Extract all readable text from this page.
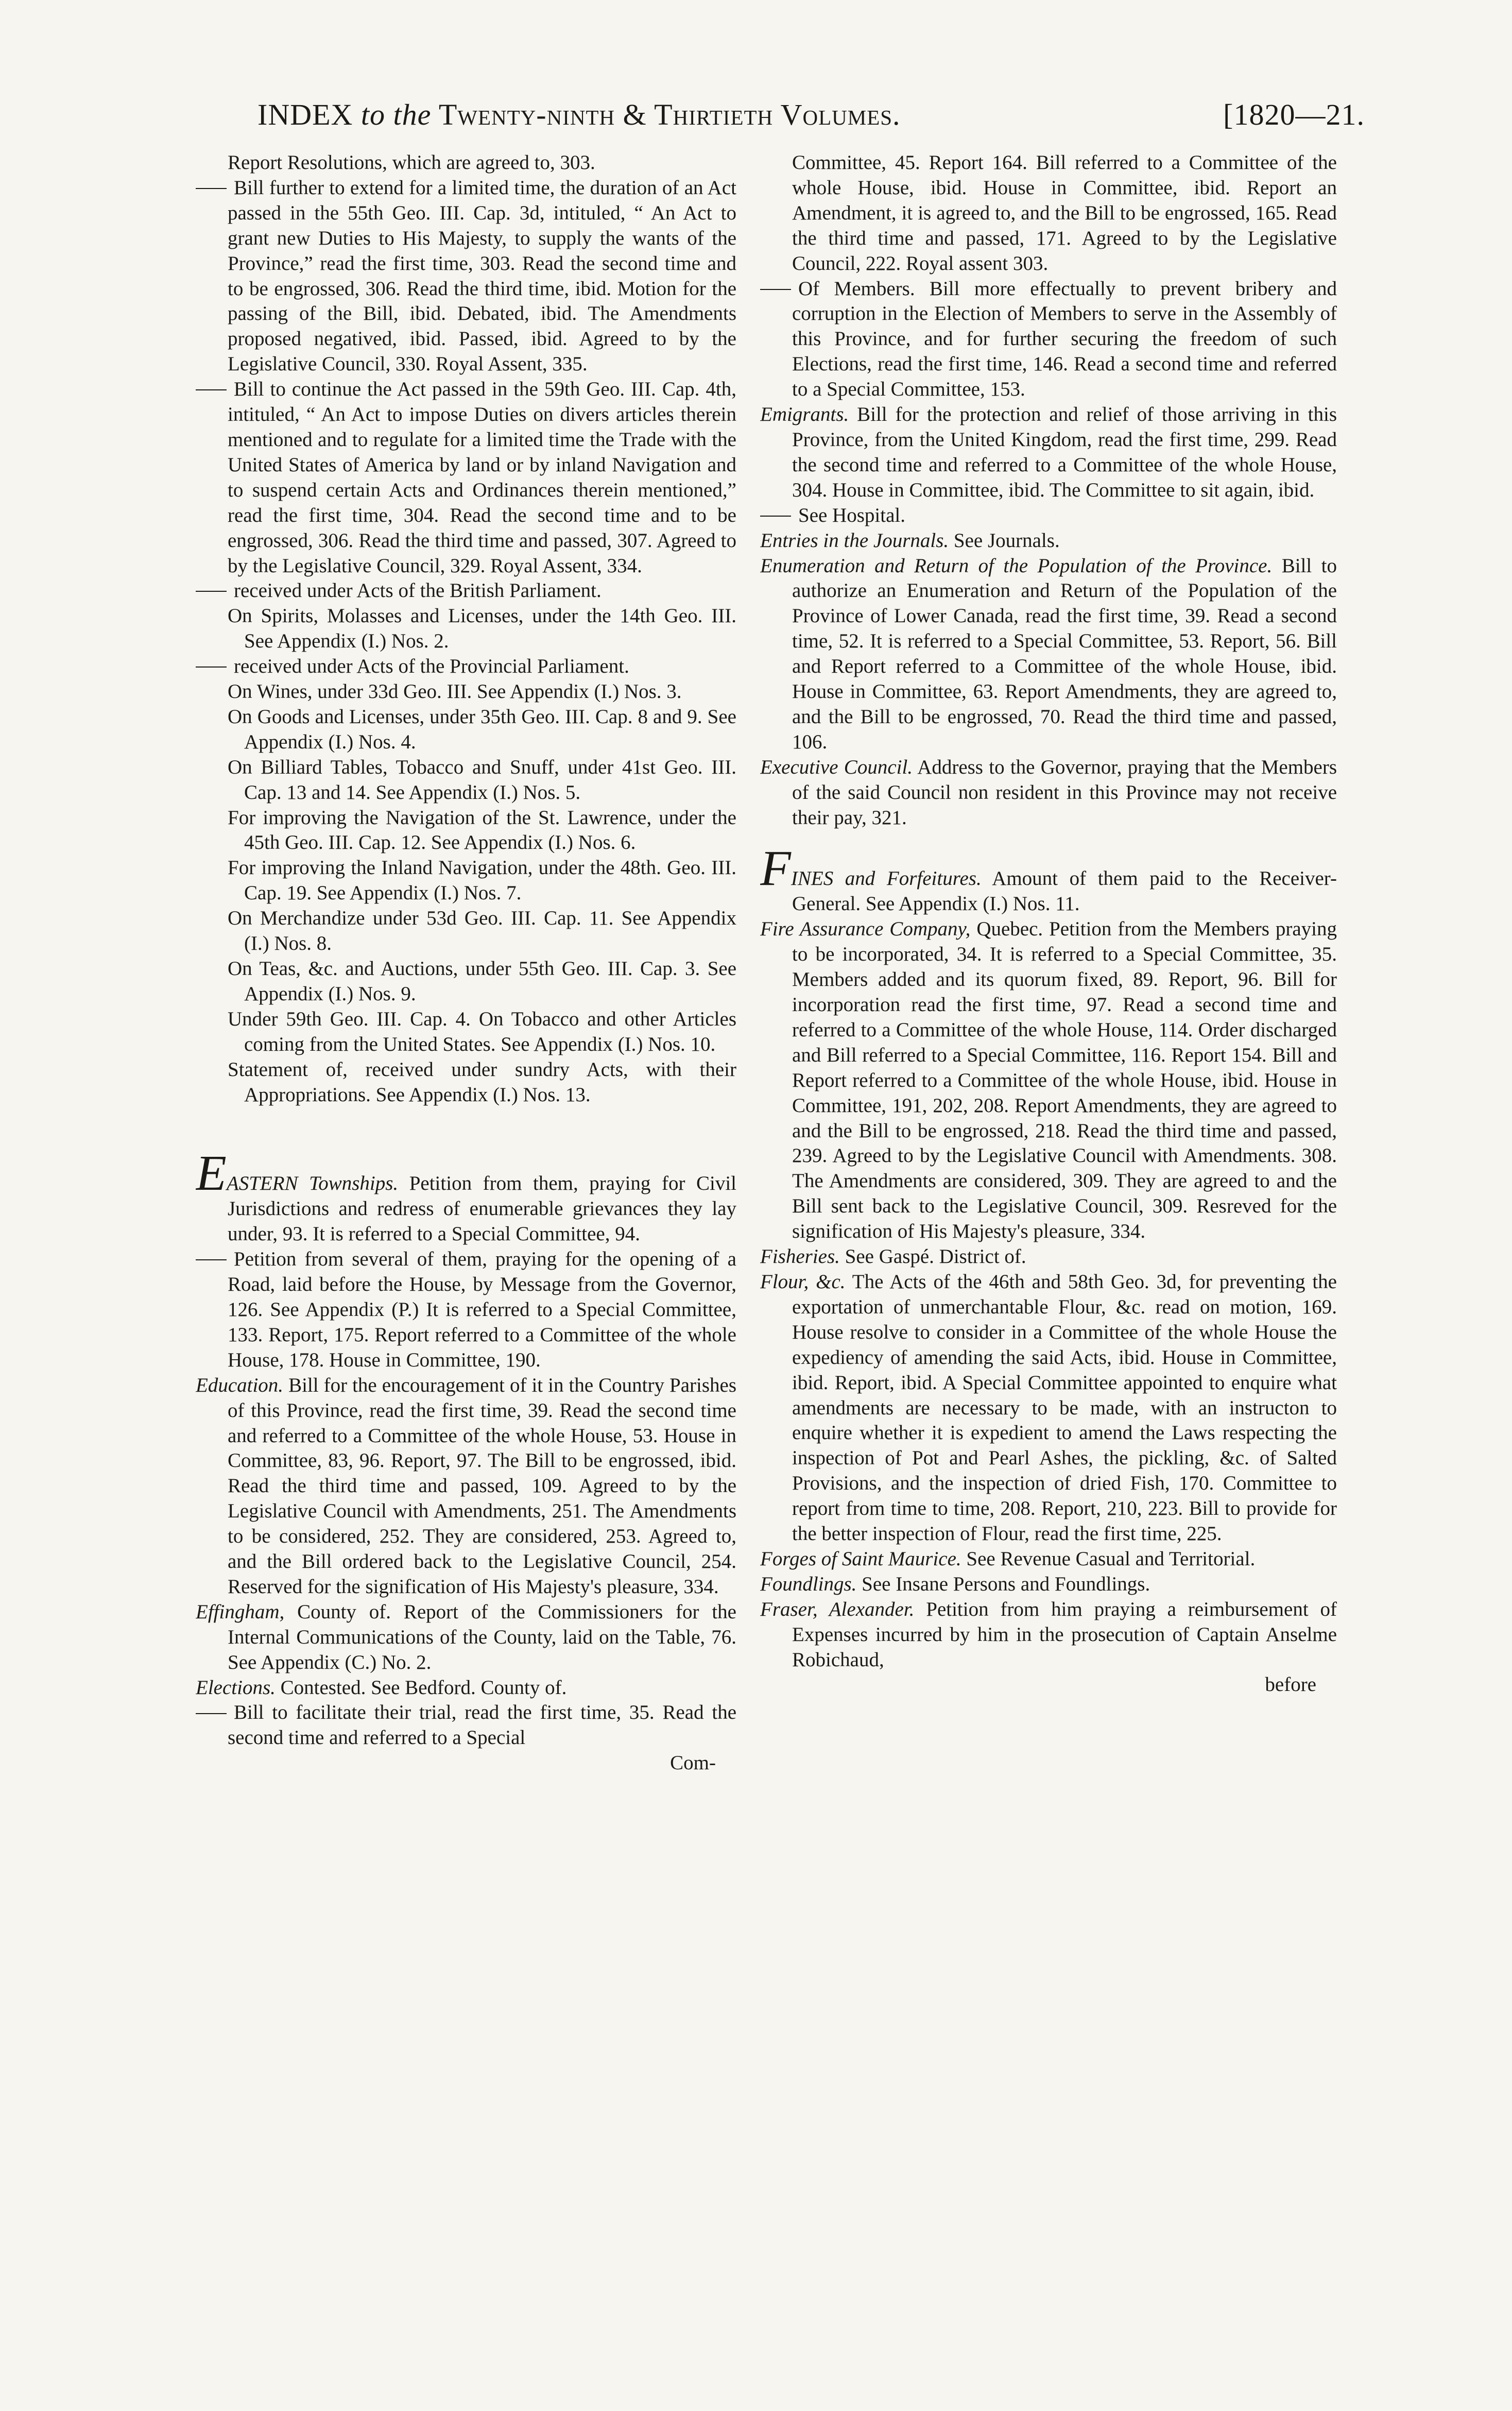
INDEX to the Twenty-ninth & Thirtieth Volumes.	[1820—21.

Report Resolutions, which are agreed to, 303.

Bill further to extend for a limited time, the duration of an Act passed in the 55th Geo. III. Cap. 3d, intituled, “ An Act to grant new Duties to His Majesty, to supply the wants of the Province,” read the first time, 303. Read the second time and to be engrossed, 306. Read the third time, ibid. Motion for the passing of the Bill, ibid. Debated, ibid. The Amendments proposed negatived, ibid. Passed, ibid. Agreed to by the Legislative Council, 330. Royal Assent, 335.

Bill to continue the Act passed in the 59th Geo. III. Cap. 4th, intituled, “ An Act to impose Duties on divers articles therein mentioned and to regulate for a limited time the Trade with the United States of America by land or by inland Navigation and to suspend certain Acts and Ordinances therein mentioned,” read the first time, 304. Read the second time and to be engrossed, 306. Read the third time and passed, 307. Agreed to by the Legislative Council, 329. Royal Assent, 334.

received under Acts of the British Parliament.

On Spirits, Molasses and Licenses, under the 14th Geo. III. See Appendix (I.) Nos. 2.

received under Acts of the Provincial Parliament.

On Wines, under 33d Geo. III. See Appendix (I.) Nos. 3.

On Goods and Licenses, under 35th Geo. III. Cap. 8 and 9. See Appendix (I.) Nos. 4.

On Billiard Tables, Tobacco and Snuff, under 41st Geo. III. Cap. 13 and 14. See Appendix (I.) Nos. 5.

For improving the Navigation of the St. Lawrence, under the 45th Geo. III. Cap. 12. See Appendix (I.) Nos. 6.

For improving the Inland Navigation, under the 48th. Geo. III. Cap. 19. See Appendix (I.) Nos. 7.

On Merchandize under 53d Geo. III. Cap. 11. See Appendix (I.) Nos. 8.

On Teas, &c. and Auctions, under 55th Geo. III. Cap. 3. See Appendix (I.) Nos. 9.

Under 59th Geo. III. Cap. 4. On Tobacco and other Articles coming from the United States. See Appendix (I.) Nos. 10.

Statement of, received under sundry Acts, with their Appropriations. See Appendix (I.) Nos. 13.

EASTERN Townships. Petition from them, praying for Civil Jurisdictions and redress of enumerable grievances they lay under, 93. It is referred to a Special Committee, 94.

Petition from several of them, praying for the opening of a Road, laid before the House, by Message from the Governor, 126. See Appendix (P.) It is referred to a Special Committee, 133. Report, 175. Report referred to a Committee of the whole House, 178. House in Committee, 190.

Education. Bill for the encouragement of it in the Country Parishes of this Province, read the first time, 39. Read the second time and referred to a Committee of the whole House, 53. House in Committee, 83, 96. Report, 97. The Bill to be engrossed, ibid. Read the third time and passed, 109. Agreed to by the Legislative Council with Amendments, 251. The Amendments to be considered, 252. They are considered, 253. Agreed to, and the Bill ordered back to the Legislative Council, 254. Reserved for the signification of His Majesty's pleasure, 334.

Effingham, County of. Report of the Commissioners for the Internal Communications of the County, laid on the Table, 76. See Appendix (C.) No. 2.

Elections. Contested. See Bedford. County of.

Bill to facilitate their trial, read the first time, 35. Read the second time and referred to a Special

Com-

Committee, 45. Report 164. Bill referred to a Committee of the whole House, ibid. House in Committee, ibid. Report an Amendment, it is agreed to, and the Bill to be engrossed, 165. Read the third time and passed, 171. Agreed to by the Legislative Council, 222. Royal assent 303.

Of Members. Bill more effectually to prevent bribery and corruption in the Election of Members to serve in the Assembly of this Province, and for further securing the freedom of such Elections, read the first time, 146. Read a second time and referred to a Special Committee, 153.

Emigrants. Bill for the protection and relief of those arriving in this Province, from the United Kingdom, read the first time, 299. Read the second time and referred to a Committee of the whole House, 304. House in Committee, ibid. The Committee to sit again, ibid.

See Hospital.

Entries in the Journals. See Journals.

Enumeration and Return of the Population of the Province. Bill to authorize an Enumeration and Return of the Population of the Province of Lower Canada, read the first time, 39. Read a second time, 52. It is referred to a Special Committee, 53. Report, 56. Bill and Report referred to a Committee of the whole House, ibid. House in Committee, 63. Report Amendments, they are agreed to, and the Bill to be engrossed, 70. Read the third time and passed, 106.

Executive Council. Address to the Governor, praying that the Members of the said Council non resident in this Province may not receive their pay, 321.

FINES and Forfeitures. Amount of them paid to the Receiver-General. See Appendix (I.) Nos. 11.

Fire Assurance Company, Quebec. Petition from the Members praying to be incorporated, 34. It is referred to a Special Committee, 35. Members added and its quorum fixed, 89. Report, 96. Bill for incorporation read the first time, 97. Read a second time and referred to a Committee of the whole House, 114. Order discharged and Bill referred to a Special Committee, 116. Report 154. Bill and Report referred to a Committee of the whole House, ibid. House in Committee, 191, 202, 208. Report Amendments, they are agreed to and the Bill to be engrossed, 218. Read the third time and passed, 239. Agreed to by the Legislative Council with Amendments. 308. The Amendments are considered, 309. They are agreed to and the Bill sent back to the Legislative Council, 309. Resreved for the signification of His Majesty's pleasure, 334.

Fisheries. See Gaspé. District of.

Flour, &c. The Acts of the 46th and 58th Geo. 3d, for preventing the exportation of unmerchantable Flour, &c. read on motion, 169. House resolve to consider in a Committee of the whole House the expediency of amending the said Acts, ibid. House in Committee, ibid. Report, ibid. A Special Committee appointed to enquire what amendments are necessary to be made, with an instructon to enquire whether it is expedient to amend the Laws respecting the inspection of Pot and Pearl Ashes, the pickling, &c. of Salted Provisions, and the inspection of dried Fish, 170. Committee to report from time to time, 208. Report, 210, 223. Bill to provide for the better inspection of Flour, read the first time, 225.

Forges of Saint Maurice. See Revenue Casual and Territorial.

Foundlings. See Insane Persons and Foundlings.

Fraser, Alexander. Petition from him praying a reimbursement of Expenses incurred by him in the prosecution of Captain Anselme Robichaud,

before
